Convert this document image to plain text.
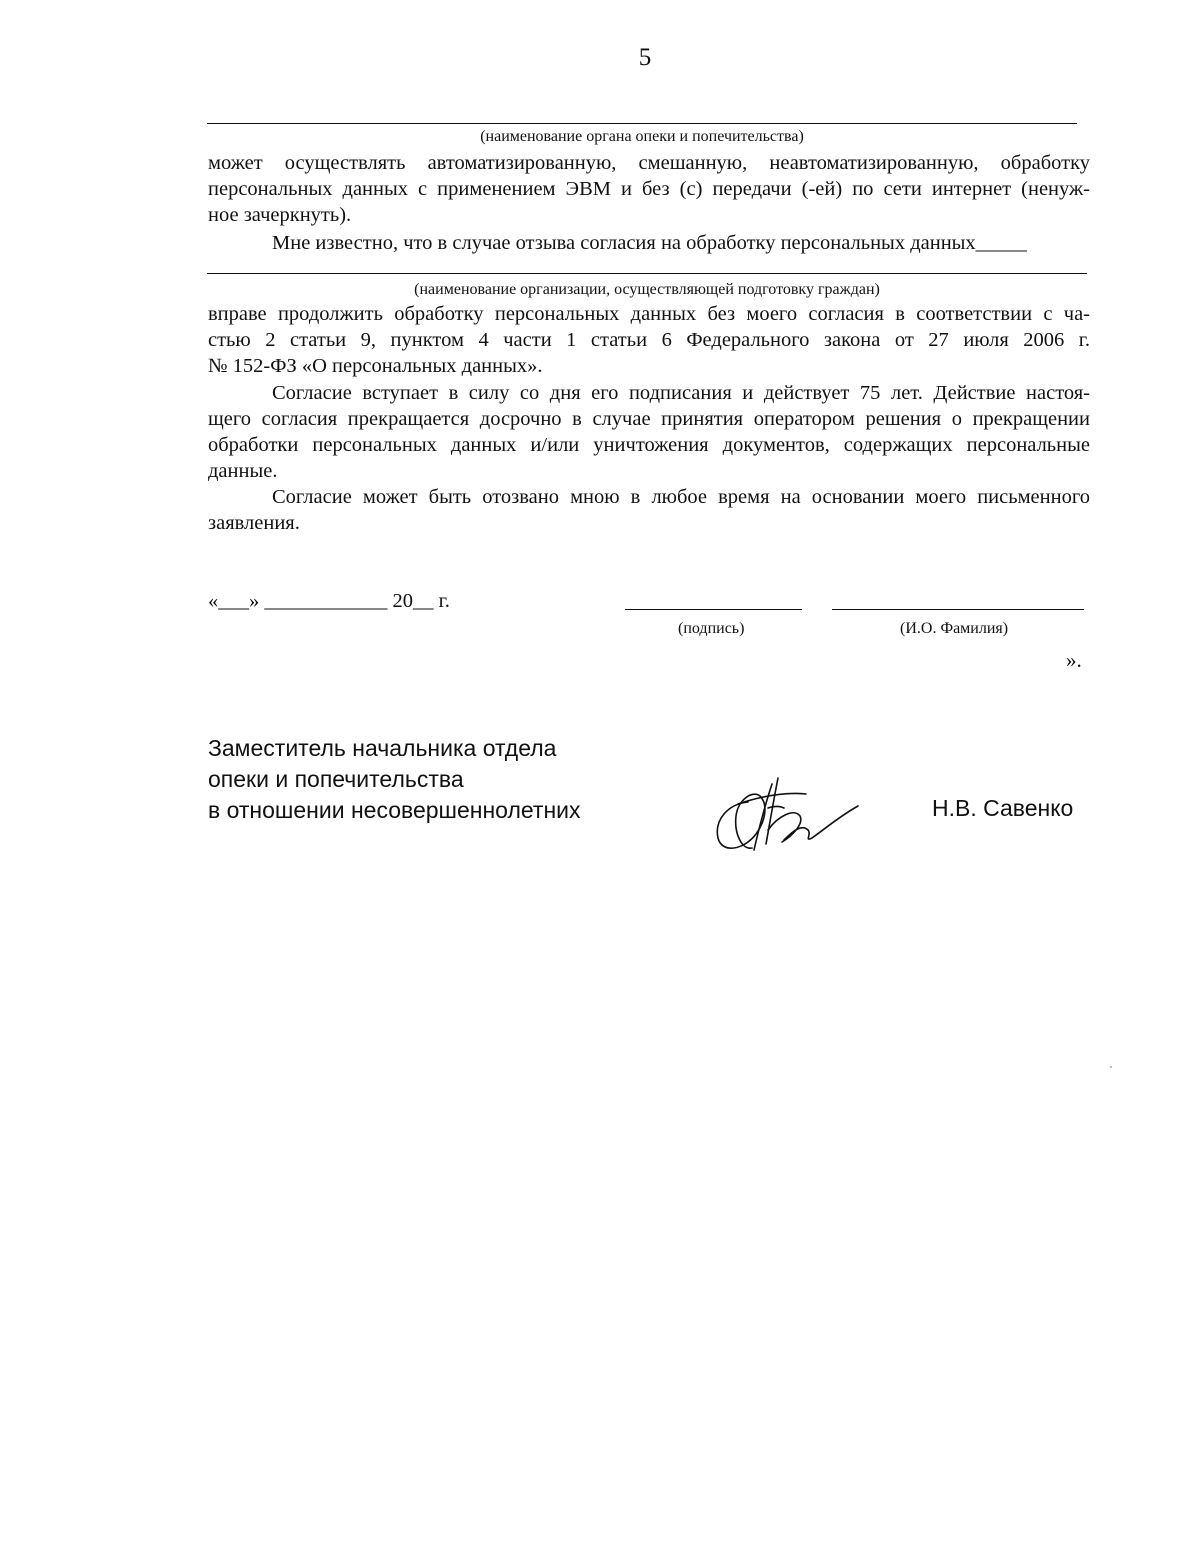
5
(наименование органа опеки и попечительства)
может осуществлять автоматизированную, смешанную, неавтоматизированную, обработку
персональных данных с применением ЭВМ и без (с) передачи (-ей) по сети интернет (ненуж-
ное зачеркнуть).
Мне известно, что в случае отзыва согласия на обработку персональных данных_____
(наименование организации, осуществляющей подготовку граждан)
вправе продолжить обработку персональных данных без моего согласия в соответствии с ча-
стью 2 статьи 9, пунктом 4 части 1 статьи 6 Федерального закона от 27 июля 2006 г.
№ 152-ФЗ «О персональных данных».
Согласие вступает в силу со дня его подписания и действует 75 лет. Действие настоя-
щего согласия прекращается досрочно в случае принятия оператором решения о прекращении
обработки персональных данных и/или уничтожения документов, содержащих персональные
данные.
Согласие может быть отозвано мною в любое время на основании моего письменного
заявления.
«___» ____________ 20__ г.
(подпись)	(И.О. Фамилия)
».
Заместитель начальника отдела
опеки и попечительства
в отношении несовершеннолетних	Н.В. Савенко
